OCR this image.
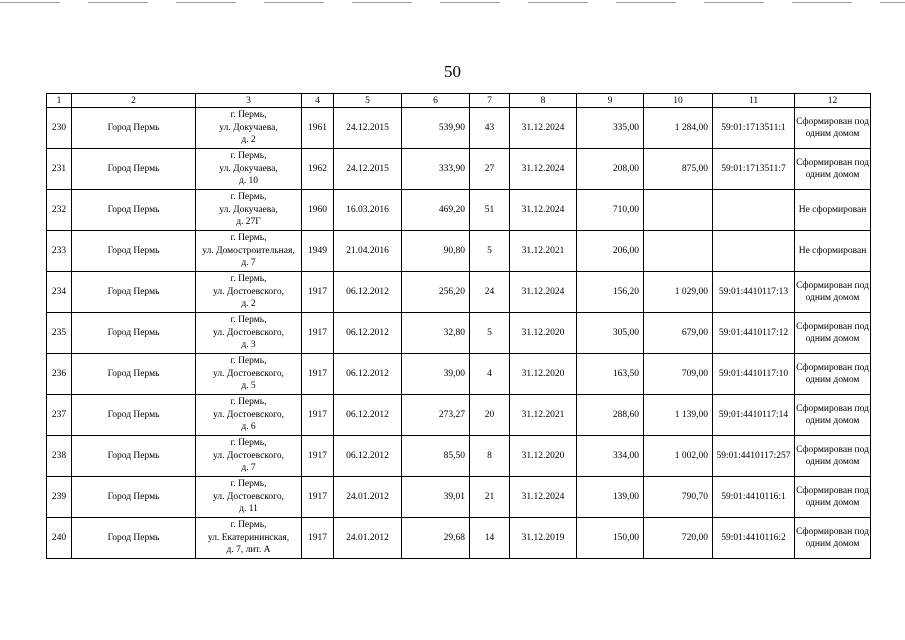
50
1	2	3	4	5	6	7	8	9	10	11	12
230	Город Пермь	г. Пермь,
ул. Докучаева,
д. 2	1961	24.12.2015	539,90	43	31.12.2024	335,00	1 284,00	59:01:1713511:1	Сформирован под одним домом
231	Город Пермь	г. Пермь,
ул. Докучаева,
д. 10	1962	24.12.2015	333,90	27	31.12.2024	208,00	875,00	59:01:1713511:7	Сформирован под одним домом
232	Город Пермь	г. Пермь,
ул. Докучаева,
д. 27Г	1960	16.03.2016	469,20	51	31.12.2024	710,00			Не сформирован
233	Город Пермь	г. Пермь,
ул. Домостроительная,
д. 7	1949	21.04.2016	90,80	5	31.12.2021	206,00			Не сформирован
234	Город Пермь	г. Пермь,
ул. Достоевского,
д. 2	1917	06.12.2012	256,20	24	31.12.2024	156,20	1 029,00	59:01:4410117:13	Сформирован под одним домом
235	Город Пермь	г. Пермь,
ул. Достоевского,
д. 3	1917	06.12.2012	32,80	5	31.12.2020	305,00	679,00	59:01:4410117:12	Сформирован под одним домом
236	Город Пермь	г. Пермь,
ул. Достоевского,
д. 5	1917	06.12.2012	39,00	4	31.12.2020	163,50	709,00	59:01:4410117:10	Сформирован под одним домом
237	Город Пермь	г. Пермь,
ул. Достоевского,
д. 6	1917	06.12.2012	273,27	20	31.12.2021	288,60	1 139,00	59:01:4410117:14	Сформирован под одним домом
238	Город Пермь	г. Пермь,
ул. Достоевского,
д. 7	1917	06.12.2012	85,50	8	31.12.2020	334,00	1 002,00	59:01:4410117:257	Сформирован под одним домом
239	Город Пермь	г. Пермь,
ул. Достоевского,
д. 11	1917	24.01.2012	39,01	21	31.12.2024	139,00	790,70	59:01:4410116:1	Сформирован под одним домом
240	Город Пермь	г. Пермь,
ул. Екатерининская,
д. 7, лит. А	1917	24.01.2012	29,68	14	31.12.2019	150,00	720,00	59:01:4410116:2	Сформирован под одним домом
